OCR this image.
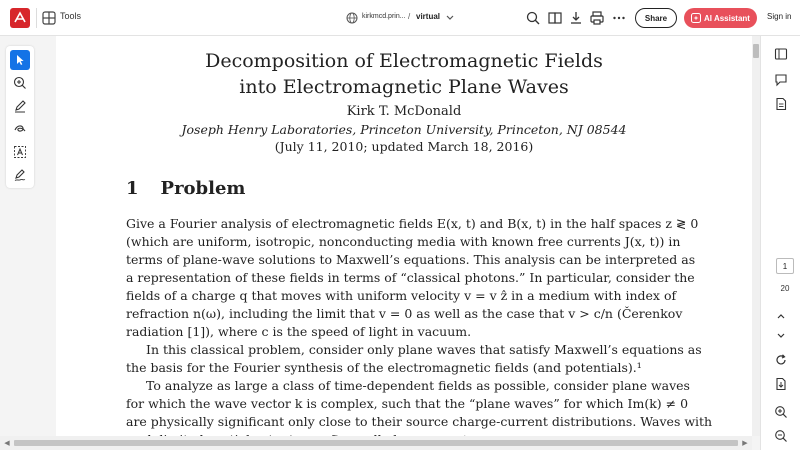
Tools	kirkmcd.prin... / virtual	Share	AI Assistant Sign in
Decomposition of Electromagnetic Fields
into Electromagnetic Plane Waves
Kirk T. McDonald
Joseph Henry Laboratories, Princeton University, Princeton, NJ 08544
(July 11, 2010; updated March 18, 2016)
1 Problem
Give a Fourier analysis of electromagnetic fields E(x, t) and B(x, t) in the half spaces z ≷ 0
(which are uniform, isotropic, nonconducting media with known free currents J(x, t)) in
terms of plane-wave solutions to Maxwell’s equations. This analysis can be interpreted as
a representation of these fields in terms of “classical photons.” In particular, consider the
fields of a charge q that moves with uniform velocity v = v ẑ in a medium with index of
refraction n(ω), including the limit that v = 0 as well as the case that v > c/n (Čerenkov
radiation [1]), where c is the speed of light in vacuum.
In this classical problem, consider only plane waves that satisfy Maxwell’s equations as
the basis for the Fourier synthesis of the electromagnetic fields (and potentials).¹
To analyze as large a class of time-dependent fields as possible, consider plane waves
for which the wave vector k is complex, such that the “plane waves” for which Im(k) ≠ 0
are physically significant only close to their source charge-current distributions. Waves with
◀	▶
1
20
